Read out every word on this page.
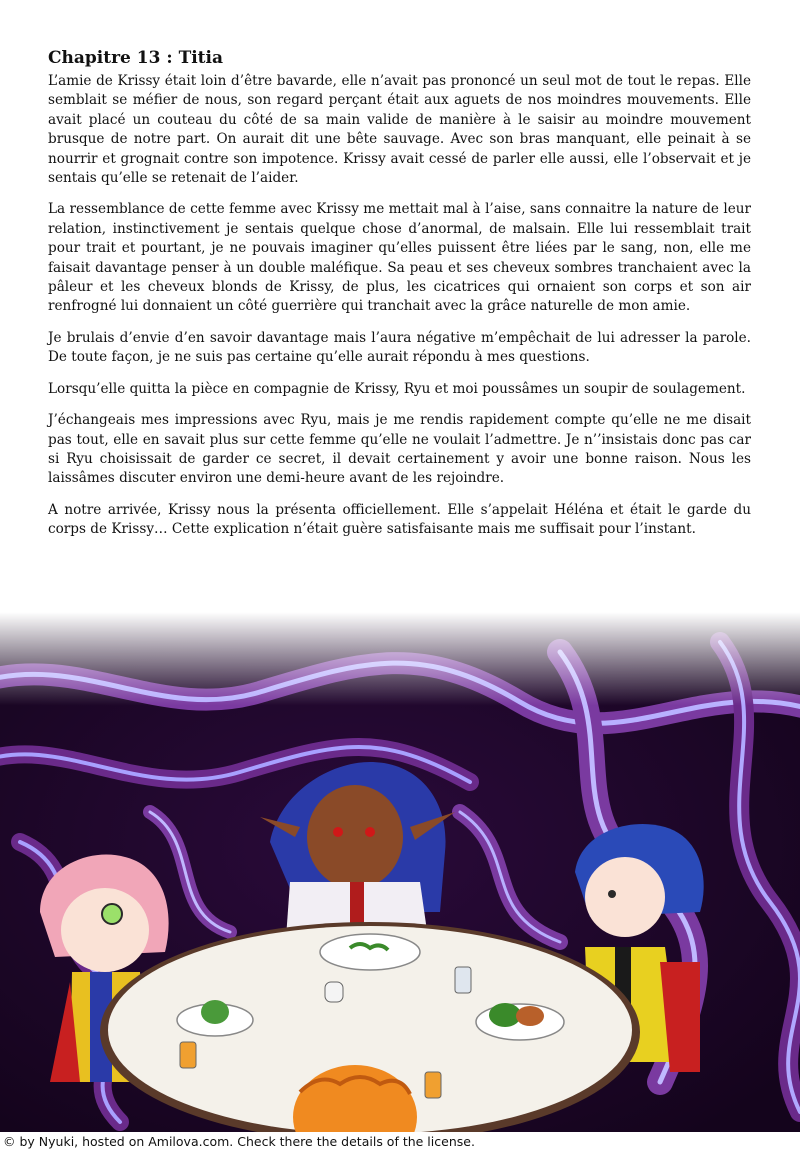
Chapitre 13 : Titia

L’amie de Krissy était loin d’être bavarde, elle n’avait pas prononcé un seul mot de tout le repas. Elle semblait se méfier de nous, son regard perçant était aux aguets de nos moindres mouvements. Elle avait placé un couteau du côté de sa main valide de manière à le saisir au moindre mouvement brusque de notre part. On aurait dit une bête sauvage. Avec son bras manquant, elle peinait à se nourrir et grognait contre son impotence. Krissy avait cessé de parler elle aussi, elle l’observait et je sentais qu’elle se retenait de l’aider.

La ressemblance de cette femme avec Krissy me mettait mal à l’aise, sans connaitre la nature de leur relation, instinctivement je sentais quelque chose d’anormal, de malsain. Elle lui ressemblait trait pour trait et pourtant, je ne pouvais imaginer qu’elles puissent être liées par le sang, non, elle me faisait davantage penser à un double maléfique. Sa peau et ses cheveux sombres tranchaient avec la pâleur et les cheveux blonds de Krissy, de plus, les cicatrices qui ornaient son corps et son air renfrogné lui donnaient un côté guerrière qui tranchait avec la grâce naturelle de mon amie.

Je brulais d’envie d’en savoir davantage mais l’aura négative m’empêchait de lui adresser la parole. De toute façon, je ne suis pas certaine qu’elle aurait répondu à mes questions.

Lorsqu’elle quitta la pièce en compagnie de Krissy, Ryu et moi poussâmes un soupir de soulagement.

J’échangeais mes impressions avec Ryu, mais je me rendis rapidement compte qu’elle ne me disait pas tout, elle en savait plus sur cette femme qu’elle ne voulait l’admettre. Je n’’insistais donc pas car si Ryu choisissait de garder ce secret, il devait certainement y avoir une bonne raison. Nous les laissâmes discuter environ une demi-heure avant de les rejoindre.

A notre arrivée, Krissy nous la présenta officiellement. Elle s’appelait Héléna et était le garde du corps de Krissy… Cette explication n’était guère satisfaisante mais me suffisait pour l’instant.

© by Nyuki, hosted on Amilova.com. Check there the details of the license.
